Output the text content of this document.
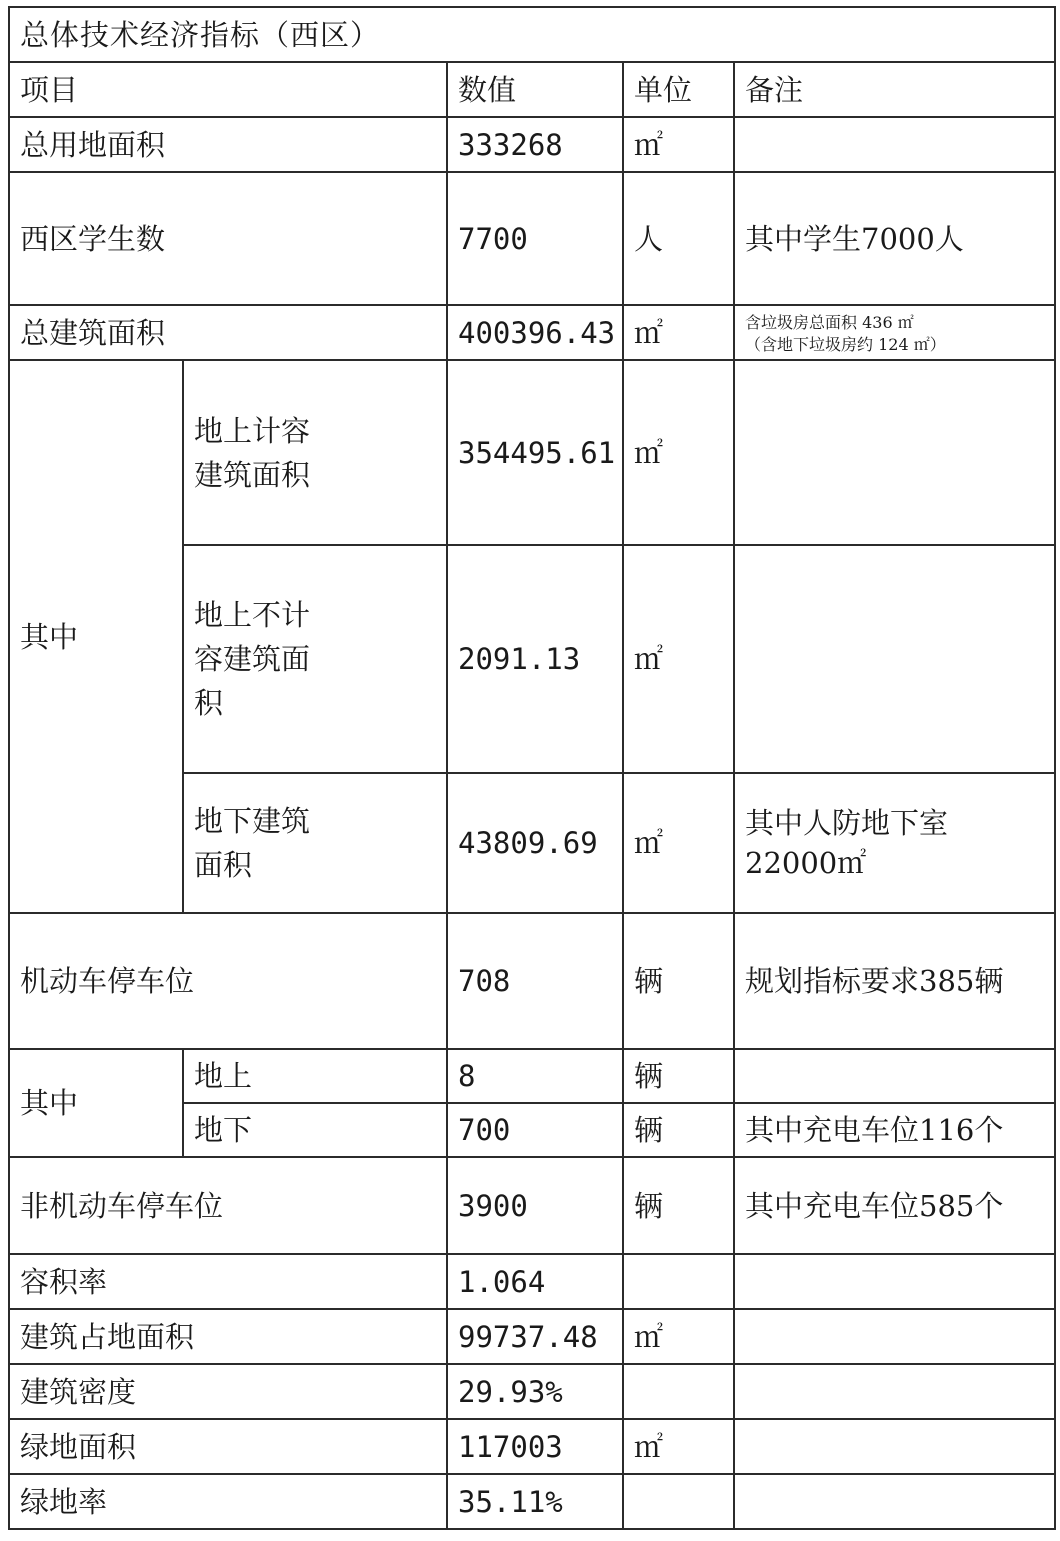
总体技术经济指标（西区）				
项目		数值	单位	备注
总用地面积		333268	㎡	
西区学生数		7700	人	其中学生7000人
总建筑面积		400396.43	㎡	含垃圾房总面积 436 ㎡
（含地下垃圾房约 124 ㎡）

其中	地上计容建筑面积	354495.61	㎡	
	地上不计容建筑面积	2091.13	㎡	
	地下建筑面积	43809.69	㎡	其中人防地下室22000㎡
机动车停车位		708	辆	规划指标要求385辆
其中	地上	8	辆	
	地下	700	辆	其中充电车位116个
非机动车停车位		3900	辆	其中充电车位585个
容积率		1.064		
建筑占地面积		99737.48	㎡	
建筑密度		29.93%		
绿地面积		117003	㎡	
绿地率		35.11%		
